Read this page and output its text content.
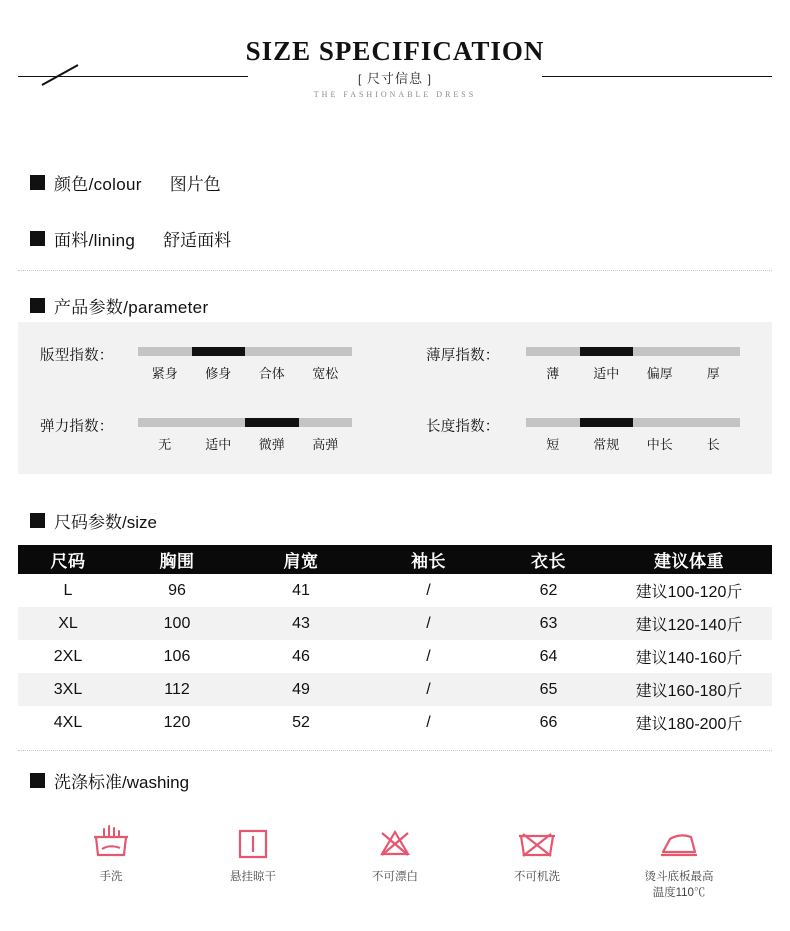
SIZE SPECIFICATION
[ 尺寸信息 ]
THE FASHIONABLE DRESS
颜色/colour 图片色
面料/lining 舒适面料
产品参数/parameter
版型指数：
紧身	修身	合体	宽松
薄厚指数：
薄	适中	偏厚	厚
弹力指数：
无	适中	微弹	高弹
长度指数：
短	常规	中长	长
尺码参数/size
尺码	胸围	肩宽	袖长	衣长	建议体重
L	96	41	/	62	建议100-120斤
XL	100	43	/	63	建议120-140斤
2XL	106	46	/	64	建议140-160斤
3XL	112	49	/	65	建议160-180斤
4XL	120	52	/	66	建议180-200斤
洗涤标准/washing
手洗	悬挂晾干	不可漂白	不可机洗	烫斗底板最高
温度110℃
